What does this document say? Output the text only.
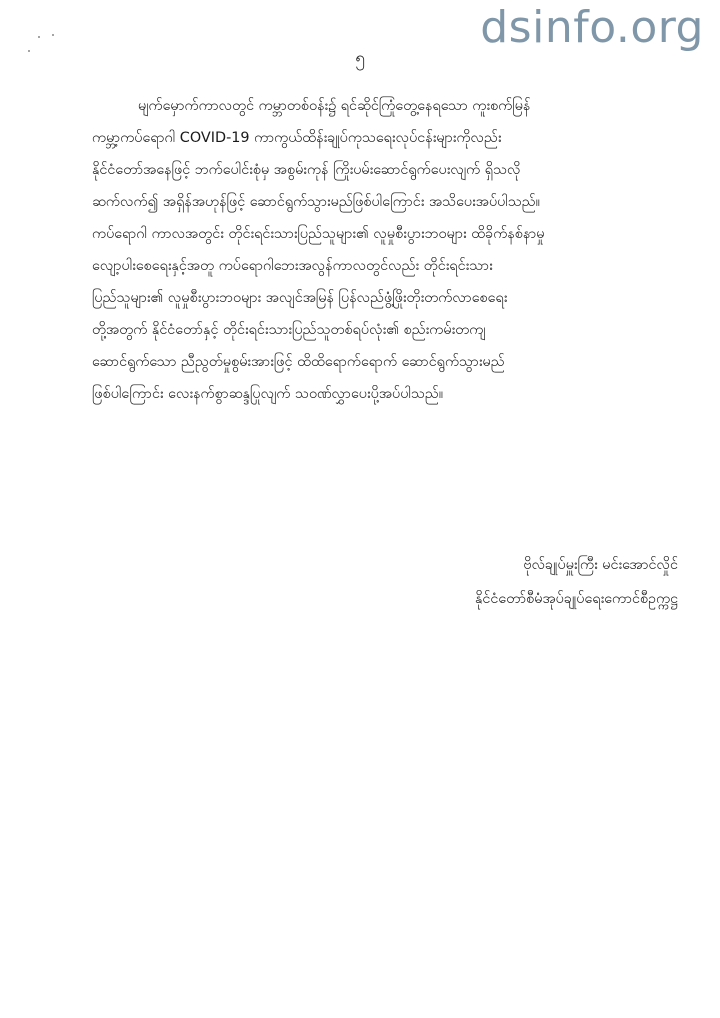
dsinfo.org
၅
မျက်မှောက်ကာလတွင် ကမ္ဘာတစ်ဝန်း၌ ရင်ဆိုင်ကြုံတွေ့နေရသော ကူးစက်မြန်
ကမ္ဘာ့ကပ်ရောဂါ COVID-19 ကာကွယ်ထိန်းချုပ်ကုသရေးလုပ်ငန်းများကိုလည်း
နိုင်ငံတော်အနေဖြင့် ဘက်ပေါင်းစုံမှ အစွမ်းကုန် ကြိုးပမ်းဆောင်ရွက်ပေးလျက် ရှိသလို
ဆက်လက်၍ အရှိန်အဟုန်ဖြင့် ဆောင်ရွက်သွားမည်ဖြစ်ပါကြောင်း အသိပေးအပ်ပါသည်။
ကပ်ရောဂါ ကာလအတွင်း တိုင်းရင်းသားပြည်သူများ၏ လူမှုစီးပွားဘဝများ ထိခိုက်နစ်နာမှု
လျော့ပါးစေရေးနှင့်အတူ ကပ်ရောဂါဘေးအလွန်ကာလတွင်လည်း တိုင်းရင်းသား
ပြည်သူများ၏ လူမှုစီးပွားဘဝများ အလျင်အမြန် ပြန်လည်ဖွံ့ဖြိုးတိုးတက်လာစေရေး
တို့အတွက် နိုင်ငံတော်နှင့် တိုင်းရင်းသားပြည်သူတစ်ရပ်လုံး၏ စည်းကမ်းတကျ
ဆောင်ရွက်သော ညီညွတ်မှုစွမ်းအားဖြင့် ထိထိရောက်ရောက် ဆောင်ရွက်သွားမည်
ဖြစ်ပါကြောင်း လေးနက်စွာဆန္ဒပြုလျက် သဝဏ်လွှာပေးပို့အပ်ပါသည်။
ဗိုလ်ချုပ်မှူးကြီး မင်းအောင်လှိုင်
နိုင်ငံတော်စီမံအုပ်ချုပ်ရေးကောင်စီဥက္ကဋ္ဌ
